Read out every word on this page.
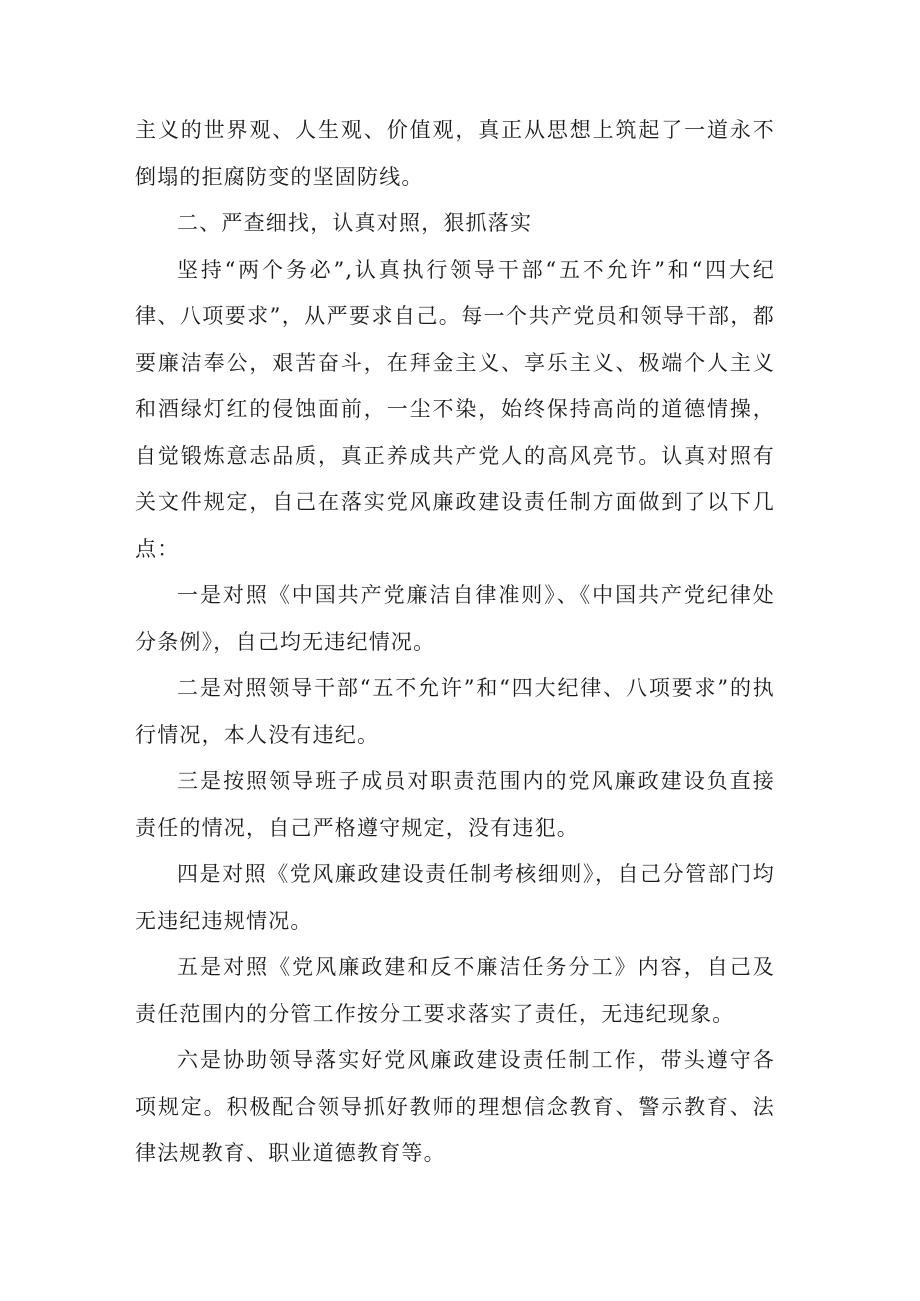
主义的世界观、人生观、价值观，真正从思想上筑起了一道永不倒塌的拒腐防变的坚固防线。

二、严查细找，认真对照，狠抓落实

坚持“两个务必”,认真执行领导干部“五不允许”和“四大纪律、八项要求”，从严要求自己。每一个共产党员和领导干部，都要廉洁奉公，艰苦奋斗，在拜金主义、享乐主义、极端个人主义和酒绿灯红的侵蚀面前，一尘不染，始终保持高尚的道德情操，自觉锻炼意志品质，真正养成共产党人的高风亮节。认真对照有关文件规定，自己在落实党风廉政建设责任制方面做到了以下几点：

一是对照《中国共产党廉洁自律准则》、《中国共产党纪律处分条例》，自己均无违纪情况。

二是对照领导干部“五不允许”和“四大纪律、八项要求”的执行情况，本人没有违纪。

三是按照领导班子成员对职责范围内的党风廉政建设负直接责任的情况，自己严格遵守规定，没有违犯。

四是对照《党风廉政建设责任制考核细则》，自己分管部门均无违纪违规情况。

五是对照《党风廉政建和反不廉洁任务分工》内容，自己及责任范围内的分管工作按分工要求落实了责任，无违纪现象。

六是协助领导落实好党风廉政建设责任制工作，带头遵守各项规定。积极配合领导抓好教师的理想信念教育、警示教育、法律法规教育、职业道德教育等。
